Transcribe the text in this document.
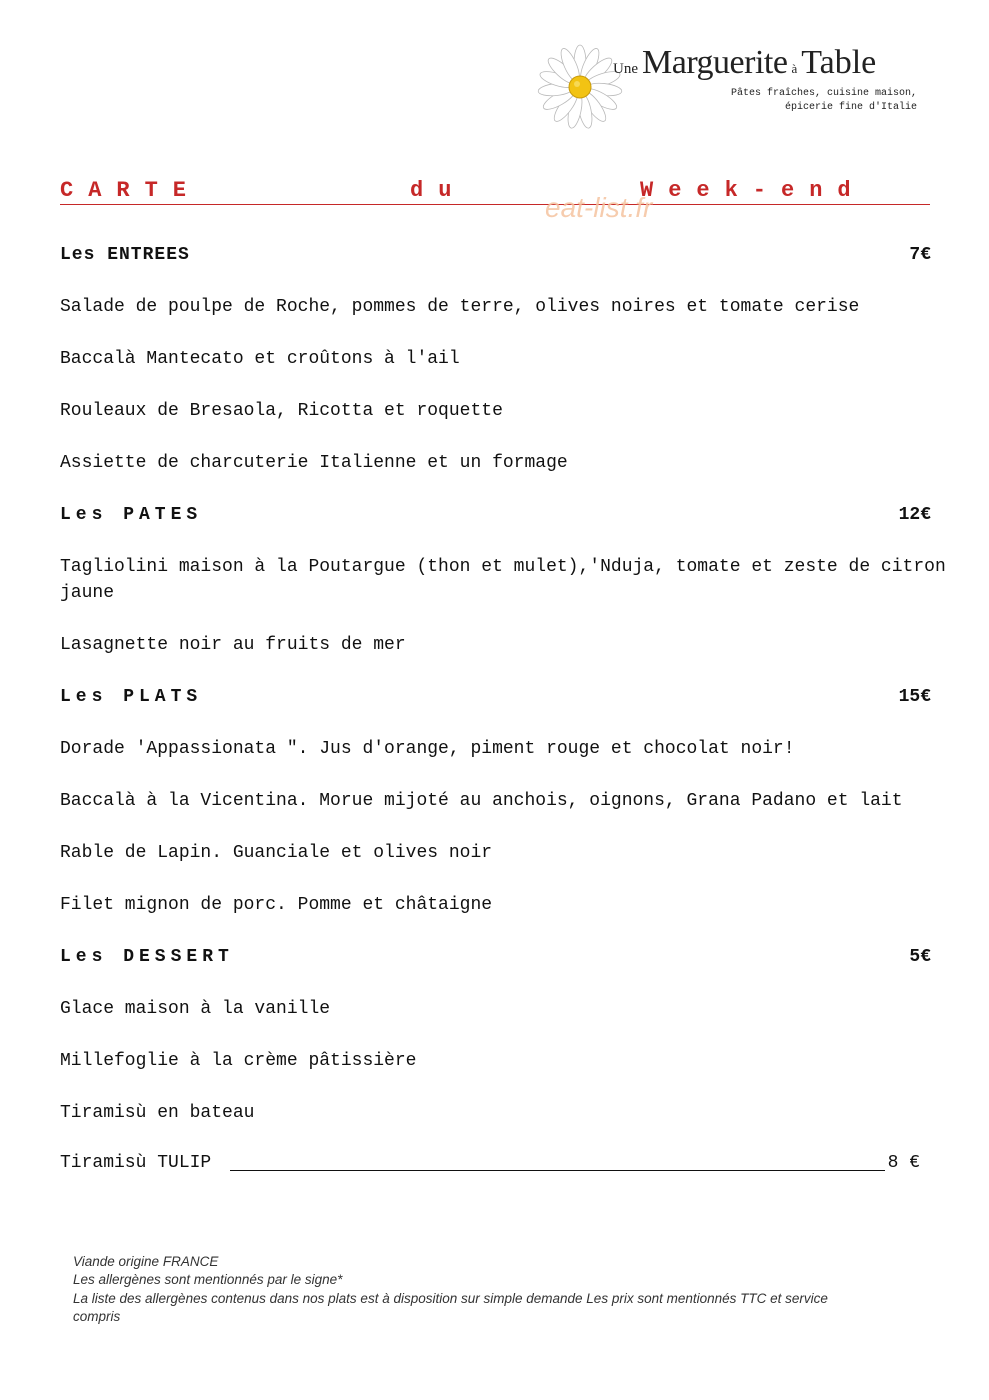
Une Marguerite à Table
Pâtes fraîches, cuisine maison,
épicerie fine d'Italie
CARTE	du	Week-end
eat-list.fr
Les ENTREES	7€
Salade de poulpe de Roche, pommes de terre, olives noires et tomate cerise
Baccalà Mantecato et croûtons à l'ail
Rouleaux de Bresaola, Ricotta et roquette
Assiette de charcuterie Italienne et un formage
Les PATES	12€
Tagliolini maison à la Poutargue (thon et mulet),'Nduja, tomate et zeste de citron
jaune
Lasagnette noir au fruits de mer
Les PLATS	15€
Dorade 'Appassionata ". Jus d'orange, piment rouge et chocolat noir!
Baccalà à la Vicentina. Morue mijoté au anchois, oignons, Grana Padano et lait
Rable de Lapin. Guanciale et olives noir
Filet mignon de porc. Pomme et châtaigne
Les DESSERT	5€
Glace maison à la vanille
Millefoglie à la crème pâtissière
Tiramisù en bateau
Tiramisù TULIP	8 €
Viande origine FRANCE
Les allergènes sont mentionnés par le signe*
La liste des allergènes contenus dans nos plats est à disposition sur simple demande Les prix sont mentionnés TTC et service
compris
